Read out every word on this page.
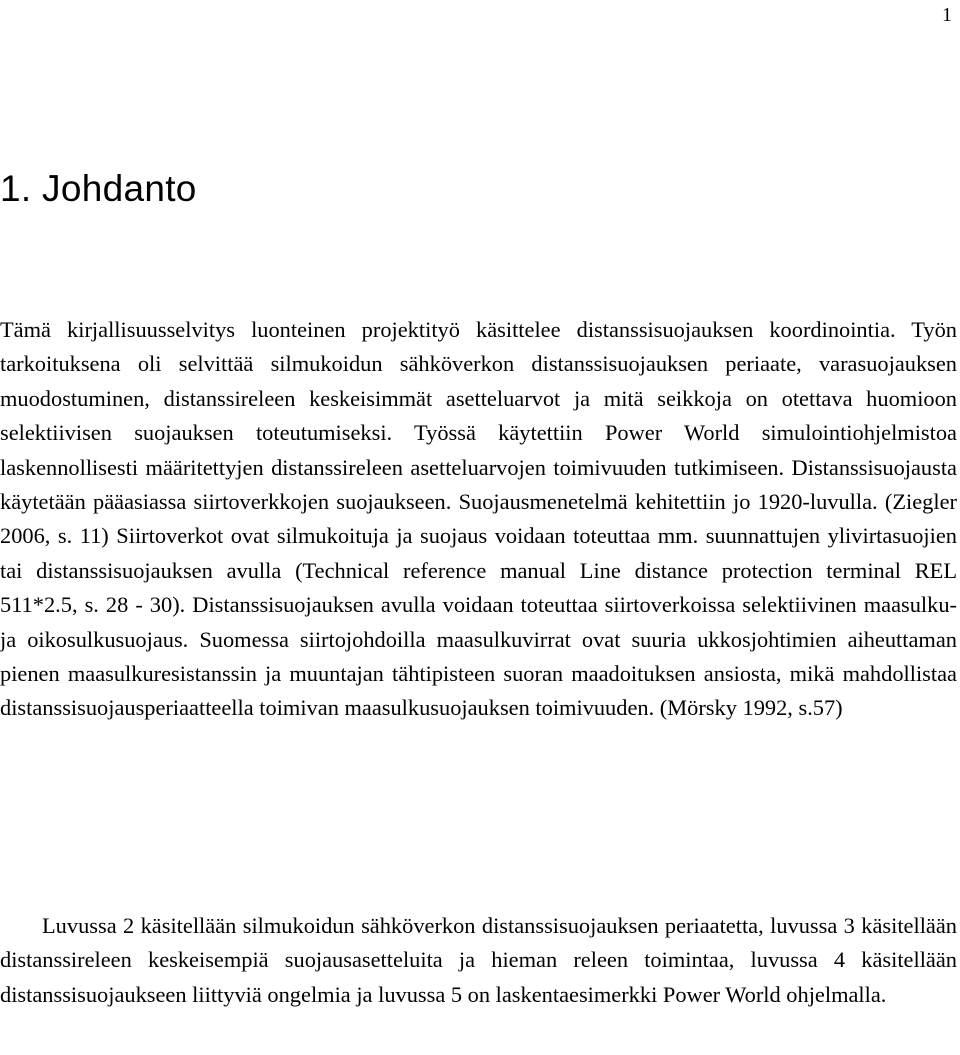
1
1. Johdanto

Tämä kirjallisuusselvitys luonteinen projektityö käsittelee distanssisuojauksen koordinointia. Työn tarkoituksena oli selvittää silmukoidun sähköverkon distanssisuojauksen periaate, varasuojauksen muodostuminen, distanssireleen keskeisimmät asetteluarvot ja mitä seikkoja on otettava huomioon selektiivisen suojauksen toteutumiseksi. Työssä käytettiin Power World simulointiohjelmistoa laskennollisesti määritettyjen distanssireleen asetteluarvojen toimivuuden tutkimiseen. Distanssisuojausta käytetään pääasiassa siirtoverkkojen suojaukseen. Suojausmenetelmä kehitettiin jo 1920-luvulla. (Ziegler 2006, s. 11) Siirtoverkot ovat silmukoituja ja suojaus voidaan toteuttaa mm. suunnattujen ylivirtasuojien tai distanssisuojauksen avulla (Technical reference manual Line distance protection terminal REL 511*2.5, s. 28 - 30). Distanssisuojauksen avulla voidaan toteuttaa siirtoverkoissa selektiivinen maasulku- ja oikosulkusuojaus. Suomessa siirtojohdoilla maasulkuvirrat ovat suuria ukkosjohtimien aiheuttaman pienen maasulkuresistanssin ja muuntajan tähtipisteen suoran maadoituksen ansiosta, mikä mahdollistaa distanssisuojausperiaatteella toimivan maasulkusuojauksen toimivuuden. (Mörsky 1992, s.57)

Luvussa 2 käsitellään silmukoidun sähköverkon distanssisuojauksen periaatetta, luvussa 3 käsitellään distanssireleen keskeisempiä suojausasetteluita ja hieman releen toimintaa, luvussa 4 käsitellään distanssisuojaukseen liittyviä ongelmia ja luvussa 5 on laskentaesimerkki Power World ohjelmalla.
